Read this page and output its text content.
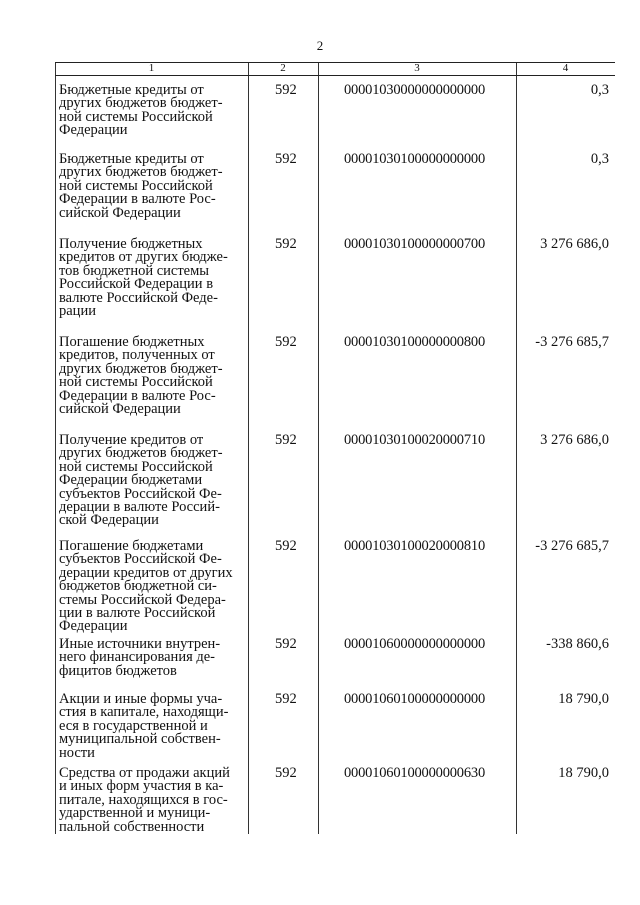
2
1	2	3	4
Бюджетные кредиты от
других бюджетов бюджет-
ной системы Российской
Федерации
592	00001030000000000000	0,3
Бюджетные кредиты от
других бюджетов бюджет-
ной системы Российской
Федерации в валюте Рос-
сийской Федерации
592	00001030100000000000	0,3
Получение бюджетных
кредитов от других бюдже-
тов бюджетной системы
Российской Федерации в
валюте Российской Феде-
рации
592	00001030100000000700	3 276 686,0
Погашение бюджетных
кредитов, полученных от
других бюджетов бюджет-
ной системы Российской
Федерации в валюте Рос-
сийской Федерации
592	00001030100000000800	-3 276 685,7
Получение кредитов от
других бюджетов бюджет-
ной системы Российской
Федерации бюджетами
субъектов Российской Фе-
дерации в валюте Россий-
ской Федерации
592	00001030100020000710	3 276 686,0
Погашение бюджетами
субъектов Российской Фе-
дерации кредитов от других
бюджетов бюджетной си-
стемы Российской Федера-
ции в валюте Российской
Федерации
592	00001030100020000810	-3 276 685,7
Иные источники внутрен-
него финансирования де-
фицитов бюджетов
592	00001060000000000000	-338 860,6
Акции и иные формы уча-
стия в капитале, находящи-
еся в государственной и
муниципальной собствен-
ности
592	00001060100000000000	18 790,0
Средства от продажи акций
и иных форм участия в ка-
питале, находящихся в гос-
ударственной и муници-
пальной собственности
592	00001060100000000630	18 790,0
